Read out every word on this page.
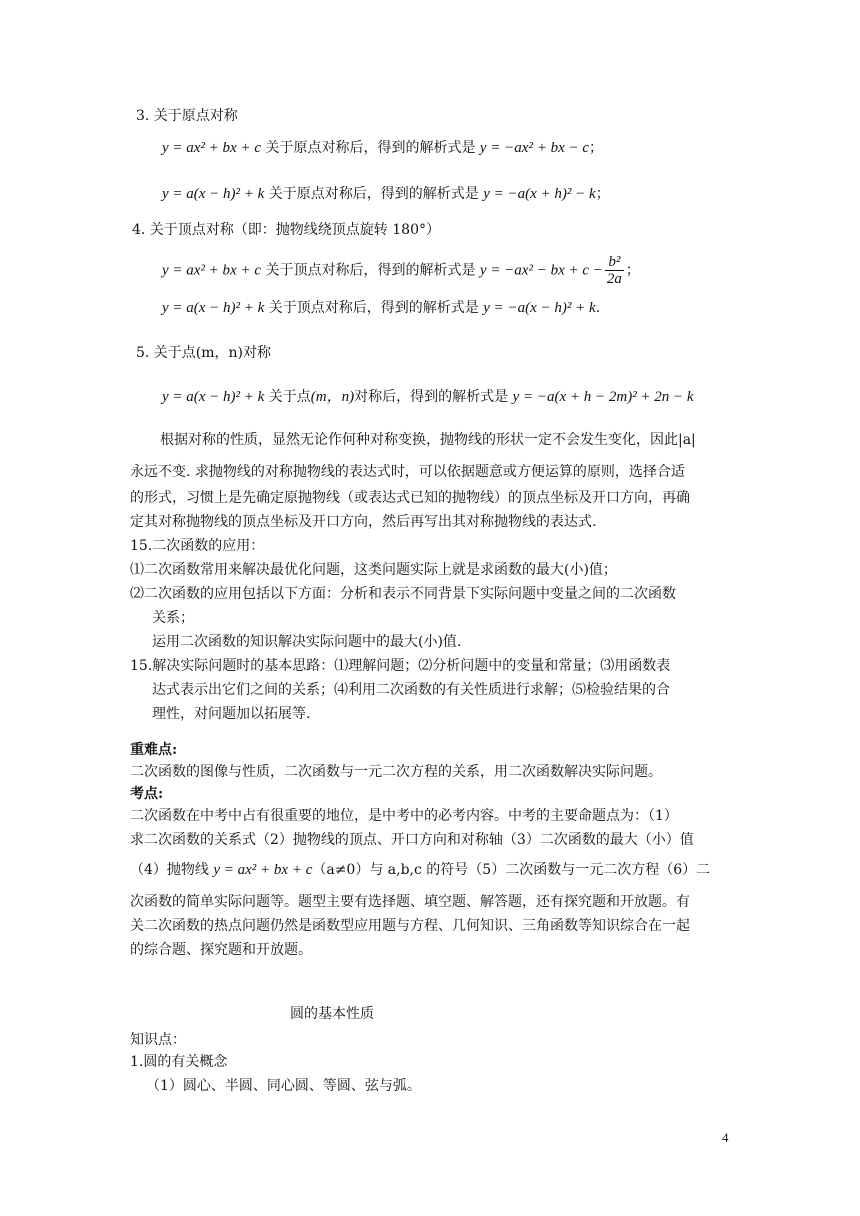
3. 关于原点对称
y = ax² + bx + c 关于原点对称后，得到的解析式是 y = −ax² + bx − c；
y = a(x − h)² + k 关于原点对称后，得到的解析式是 y = −a(x + h)² − k；
4. 关于顶点对称（即：抛物线绕顶点旋转 180°）
y = ax² + bx + c 关于顶点对称后，得到的解析式是 y = −ax² − bx + $c - \frac{\text{b²}}{2a}$ ；
y = a(x − h)² + k 关于顶点对称后，得到的解析式是 y = −a(x − h)² + k.
5. 关于点(m，n)对称
y = a(x − h)² + k 关于点(m，n)对称后，得到的解析式是 y = −a(x + h − 2m)² + 2n − k
根据对称的性质，显然无论作何种对称变换，抛物线的形状一定不会发生变化，因此|a|
永远不变. 求抛物线的对称抛物线的表达式时，可以依据题意或方便运算的原则，选择合适
的形式，习惯上是先确定原抛物线（或表达式已知的抛物线）的顶点坐标及开口方向，再确
定其对称抛物线的顶点坐标及开口方向，然后再写出其对称抛物线的表达式.
15.二次函数的应用：
⑴二次函数常用来解决最优化问题，这类问题实际上就是求函数的最大(小)值；
⑵二次函数的应用包括以下方面：分析和表示不同背景下实际问题中变量之间的二次函数
关系；
运用二次函数的知识解决实际问题中的最大(小)值.
15.解决实际问题时的基本思路：⑴理解问题；⑵分析问题中的变量和常量；⑶用函数表
达式表示出它们之间的关系；⑷利用二次函数的有关性质进行求解；⑸检验结果的合
理性，对问题加以拓展等.
重难点:
二次函数的图像与性质，二次函数与一元二次方程的关系，用二次函数解决实际问题。
考点:
二次函数在中考中占有很重要的地位，是中考中的必考内容。中考的主要命题点为：（1）
求二次函数的关系式（2）抛物线的顶点、开口方向和对称轴（3）二次函数的最大（小）值
（4）抛物线 y = ax² + bx + c（a≠0）与 a,b,c 的符号（5）二次函数与一元二次方程（6）二
次函数的简单实际问题等。题型主要有选择题、填空题、解答题，还有探究题和开放题。有
关二次函数的热点问题仍然是函数型应用题与方程、几何知识、三角函数等知识综合在一起
的综合题、探究题和开放题。
圆的基本性质
知识点：
1.圆的有关概念
（1）圆心、半圆、同心圆、等圆、弦与弧。
4
